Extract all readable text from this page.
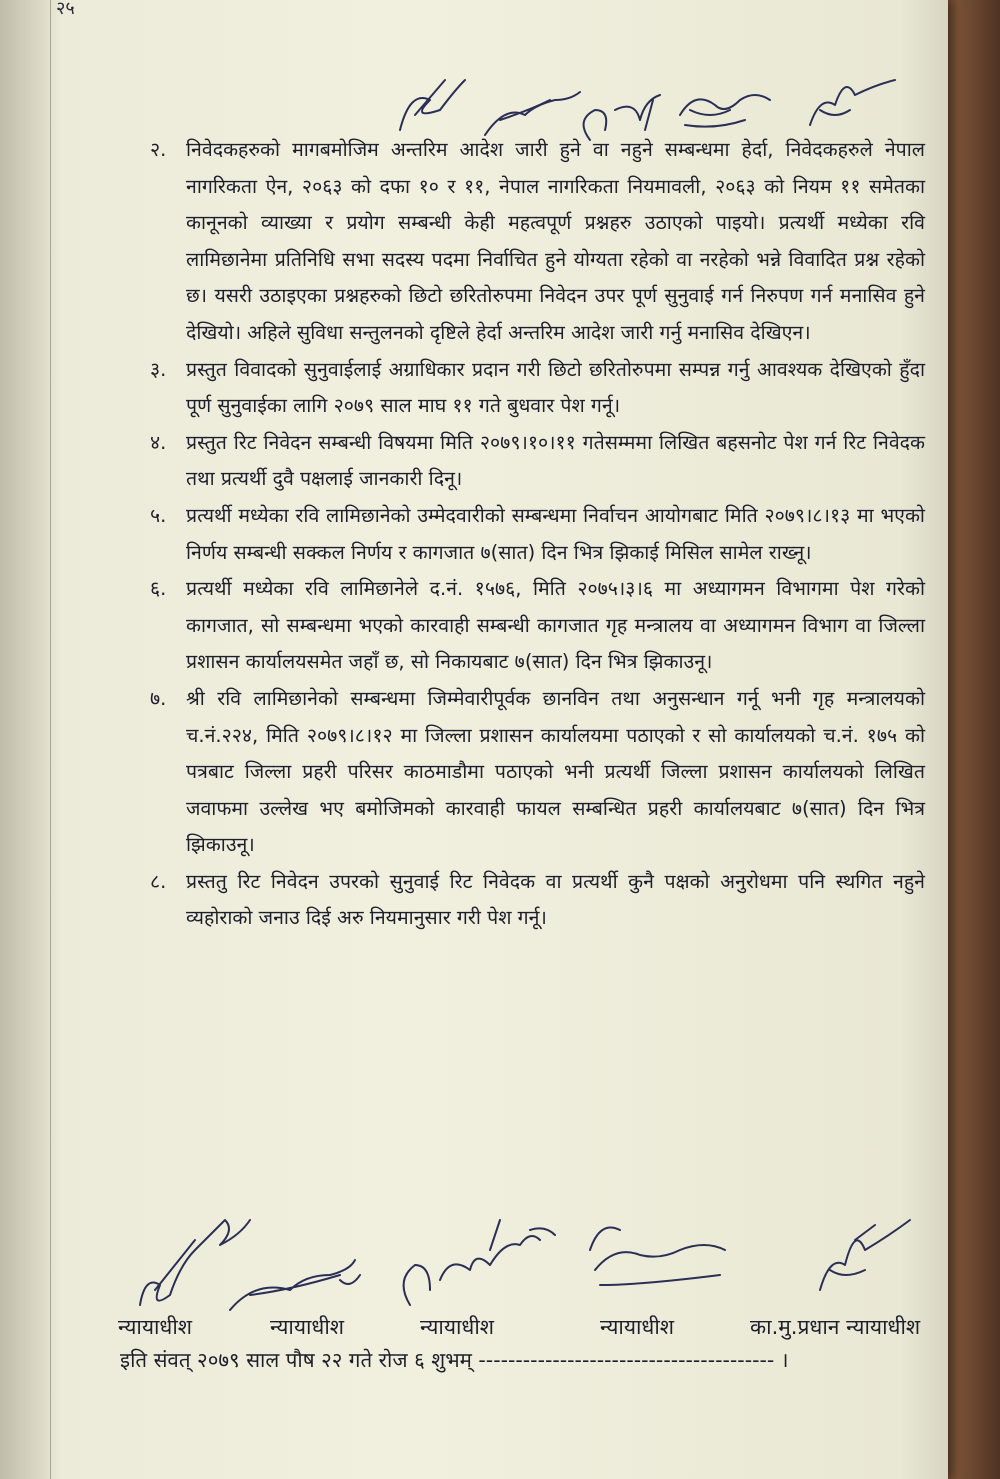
२५

२. निवेदकहरुको मागबमोजिम अन्तरिम आदेश जारी हुने वा नहुने सम्बन्धमा हेर्दा, निवेदकहरुले नेपाल नागरिकता ऐन, २०६३ को दफा १० र ११, नेपाल नागरिकता नियमावली, २०६३ को नियम ११ समेतका कानूनको व्याख्या र प्रयोग सम्बन्धी केही महत्वपूर्ण प्रश्नहरु उठाएको पाइयो। प्रत्यर्थी मध्येका रवि लामिछानेमा प्रतिनिधि सभा सदस्य पदमा निर्वाचित हुने योग्यता रहेको वा नरहेको भन्ने विवादित प्रश्न रहेको छ। यसरी उठाइएका प्रश्नहरुको छिटो छरितोरुपमा निवेदन उपर पूर्ण सुनुवाई गर्न निरुपण गर्न मनासिव हुने देखियो। अहिले सुविधा सन्तुलनको दृष्टिले हेर्दा अन्तरिम आदेश जारी गर्नु मनासिव देखिएन।

३. प्रस्तुत विवादको सुनुवाईलाई अग्राधिकार प्रदान गरी छिटो छरितोरुपमा सम्पन्न गर्नु आवश्यक देखिएको हुँदा पूर्ण सुनुवाईका लागि २०७९ साल माघ ११ गते बुधवार पेश गर्नू।

४. प्रस्तुत रिट निवेदन सम्बन्धी विषयमा मिति २०७९।१०।११ गतेसम्ममा लिखित बहसनोट पेश गर्न रिट निवेदक तथा प्रत्यर्थी दुवै पक्षलाई जानकारी दिनू।

५. प्रत्यर्थी मध्येका रवि लामिछानेको उम्मेदवारीको सम्बन्धमा निर्वाचन आयोगबाट मिति २०७९।८।१३ मा भएको निर्णय सम्बन्धी सक्कल निर्णय र कागजात ७(सात) दिन भित्र झिकाई मिसिल सामेल राख्नू।

६. प्रत्यर्थी मध्येका रवि लामिछानेले द.नं. १५७६, मिति २०७५।३।६ मा अध्यागमन विभागमा पेश गरेको कागजात, सो सम्बन्धमा भएको कारवाही सम्बन्धी कागजात गृह मन्त्रालय वा अध्यागमन विभाग वा जिल्ला प्रशासन कार्यालयसमेत जहाँ छ, सो निकायबाट ७(सात) दिन भित्र झिकाउनू।

७. श्री रवि लामिछानेको सम्बन्धमा जिम्मेवारीपूर्वक छानविन तथा अनुसन्धान गर्नू भनी गृह मन्त्रालयको च.नं.२२४, मिति २०७९।८।१२ मा जिल्ला प्रशासन कार्यालयमा पठाएको र सो कार्यालयको च.नं. १७५ को पत्रबाट जिल्ला प्रहरी परिसर काठमाडौमा पठाएको भनी प्रत्यर्थी जिल्ला प्रशासन कार्यालयको लिखित जवाफमा उल्लेख भए बमोजिमको कारवाही फायल सम्बन्धित प्रहरी कार्यालयबाट ७(सात) दिन भित्र झिकाउनू।

८. प्रस्ततु रिट निवेदन उपरको सुनुवाई रिट निवेदक वा प्रत्यर्थी कुनै पक्षको अनुरोधमा पनि स्थगित नहुने व्यहोराको जनाउ दिई अरु नियमानुसार गरी पेश गर्नू।

न्यायाधीश	न्यायाधीश	न्यायाधीश	न्यायाधीश	का.मु.प्रधान न्यायाधीश
इति संवत् २०७९ साल पौष २२ गते रोज ६ शुभम् ---------------------------------------- ।
